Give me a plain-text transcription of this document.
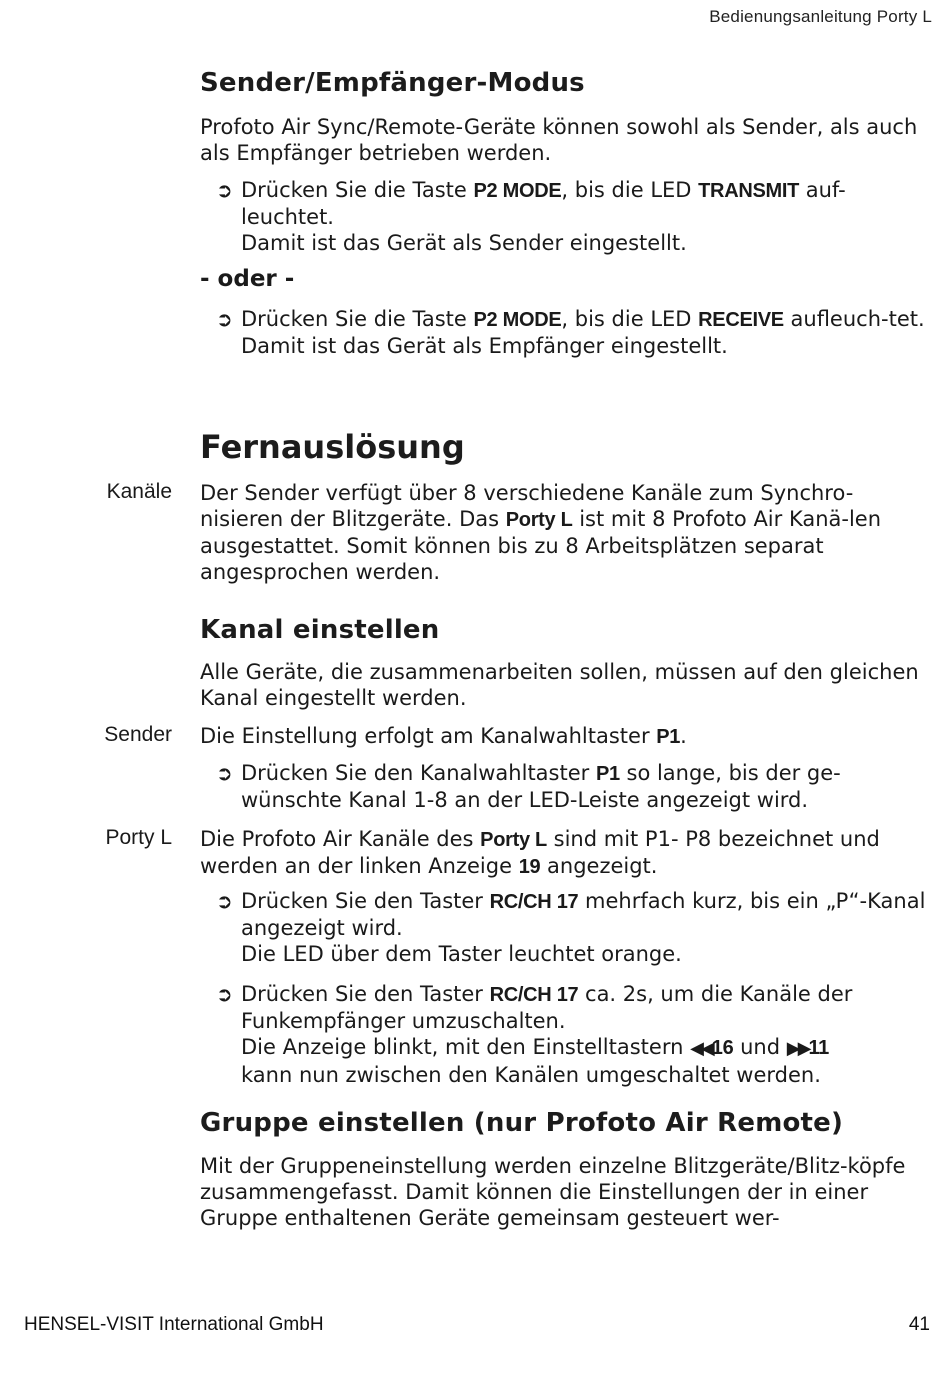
Bedienungsanleitung Porty L
Sender/Empfänger-Modus

Profoto Air Sync/Remote-Geräte können sowohl als Sender, als auch als Empfänger betrieben werden.

➲ Drücken Sie die Taste P2 MODE, bis die LED TRANSMIT auf-leuchtet.
Damit ist das Gerät als Sender eingestellt.
- oder -
➲ Drücken Sie die Taste P2 MODE, bis die LED RECEIVE aufleuch-tet.
Damit ist das Gerät als Empfänger eingestellt.
Fernauslösung
Kanäle Der Sender verfügt über 8 verschiedene Kanäle zum Synchro-nisieren der Blitzgeräte. Das Porty L ist mit 8 Profoto Air Kanä-len ausgestattet. Somit können bis zu 8 Arbeitsplätzen separat angesprochen werden.

Kanal einstellen

Alle Geräte, die zusammenarbeiten sollen, müssen auf den gleichen Kanal eingestellt werden.

Sender Die Einstellung erfolgt am Kanalwahltaster P1.

➲ Drücken Sie den Kanalwahltaster P1 so lange, bis der ge-wünschte Kanal 1-8 an der LED-Leiste angezeigt wird.
Porty L Die Profoto Air Kanäle des Porty L sind mit P1- P8 bezeichnet und werden an der linken Anzeige 19 angezeigt.

➲ Drücken Sie den Taster RC/CH 17 mehrfach kurz, bis ein „P“-Kanal angezeigt wird.
Die LED über dem Taster leuchtet orange.
➲ Drücken Sie den Taster RC/CH 17 ca. 2s, um die Kanäle der Funkempfänger umzuschalten.
Die Anzeige blinkt, mit den Einstelltastern ◀◀16 und ▶▶11
kann nun zwischen den Kanälen umgeschaltet werden.
Gruppe einstellen (nur Profoto Air Remote)

Mit der Gruppeneinstellung werden einzelne Blitzgeräte/Blitz-köpfe zusammengefasst. Damit können die Einstellungen der in einer Gruppe enthaltenen Geräte gemeinsam gesteuert wer-

HENSEL-VISIT International GmbH	41
